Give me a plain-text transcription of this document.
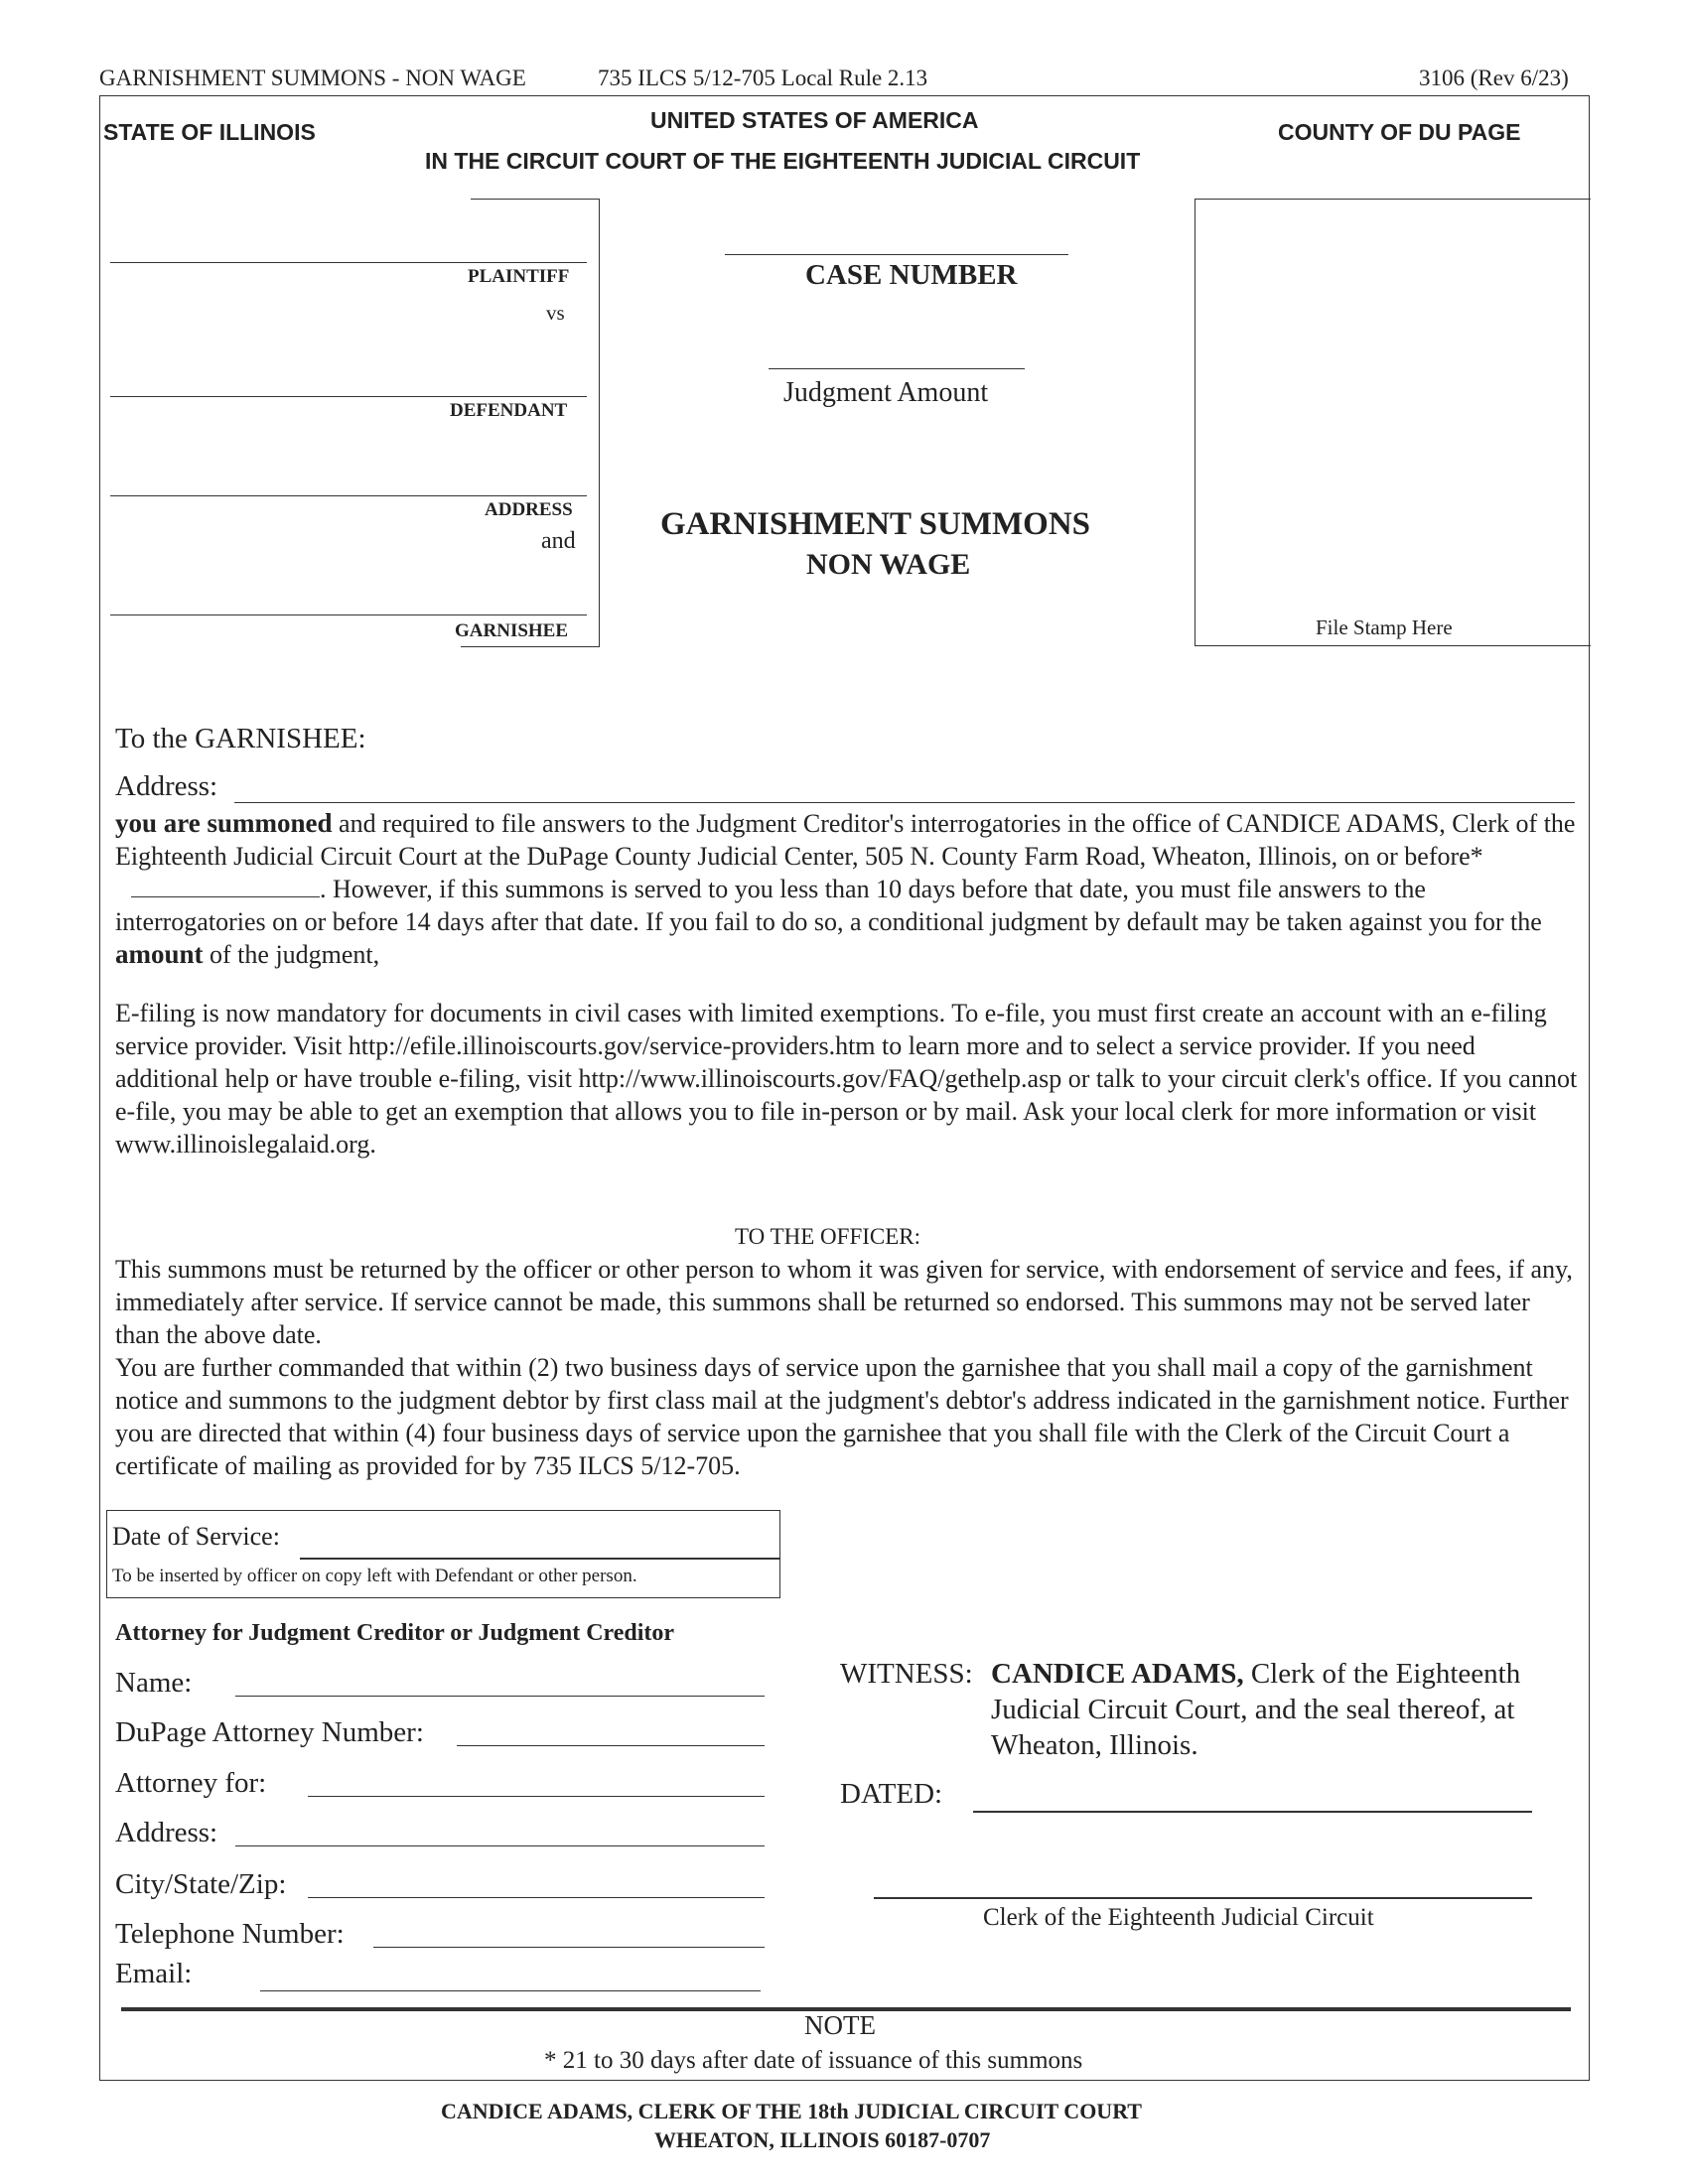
GARNISHMENT SUMMONS - NON WAGE	735 ILCS 5/12-705 Local Rule 2.13	3106 (Rev 6/23)
STATE OF ILLINOIS	UNITED STATES OF AMERICA
IN THE CIRCUIT COURT OF THE EIGHTEENTH JUDICIAL CIRCUIT
COUNTY OF DU PAGE
PLAINTIFF
vs
DEFENDANT
ADDRESS
and
GARNISHEE
CASE NUMBER
Judgment Amount
GARNISHMENT SUMMONS
NON WAGE
File Stamp Here
To the GARNISHEE:
Address:

you are summoned and required to file answers to the Judgment Creditor's interrogatories in the office of CANDICE ADAMS, Clerk of the Eighteenth Judicial Circuit Court at the DuPage County Judicial Center, 505 N. County Farm Road, Wheaton, Illinois, on or before*. However, if this summons is served to you less than 10 days before that date, you must file answers to the interrogatories on or before 14 days after that date. If you fail to do so, a conditional judgment by default may be taken against you for the amount of the judgment,

E-filing is now mandatory for documents in civil cases with limited exemptions. To e-file, you must first create an account with an e-filing service provider. Visit http://efile.illinoiscourts.gov/service-providers.htm to learn more and to select a service provider. If you need additional help or have trouble e-filing, visit http://www.illinoiscourts.gov/FAQ/gethelp.asp or talk to your circuit clerk's office. If you cannot e-file, you may be able to get an exemption that allows you to file in-person or by mail. Ask your local clerk for more information or visit www.illinoislegalaid.org.
TO THE OFFICER:
This summons must be returned by the officer or other person to whom it was given for service, with endorsement of service and fees, if any, immediately after service. If service cannot be made, this summons shall be returned so endorsed. This summons may not be served later than the above date.
You are further commanded that within (2) two business days of service upon the garnishee that you shall mail a copy of the garnishment notice and summons to the judgment debtor by first class mail at the judgment's debtor's address indicated in the garnishment notice. Further you are directed that within (4) four business days of service upon the garnishee that you shall file with the Clerk of the Circuit Court a certificate of mailing as provided for by 735 ILCS 5/12-705.
Date of Service:
To be inserted by officer on copy left with Defendant or other person.
Attorney for Judgment Creditor or Judgment Creditor
Name:
DuPage Attorney Number:
Attorney for:
Address:
City/State/Zip:
Telephone Number:
Email:
WITNESS: CANDICE ADAMS, Clerk of the Eighteenth
Judicial Circuit Court, and the seal thereof, at
Wheaton, Illinois.
DATED:
Clerk of the Eighteenth Judicial Circuit
NOTE
* 21 to 30 days after date of issuance of this summons
CANDICE ADAMS, CLERK OF THE 18th JUDICIAL CIRCUIT COURT
WHEATON, ILLINOIS 60187-0707
